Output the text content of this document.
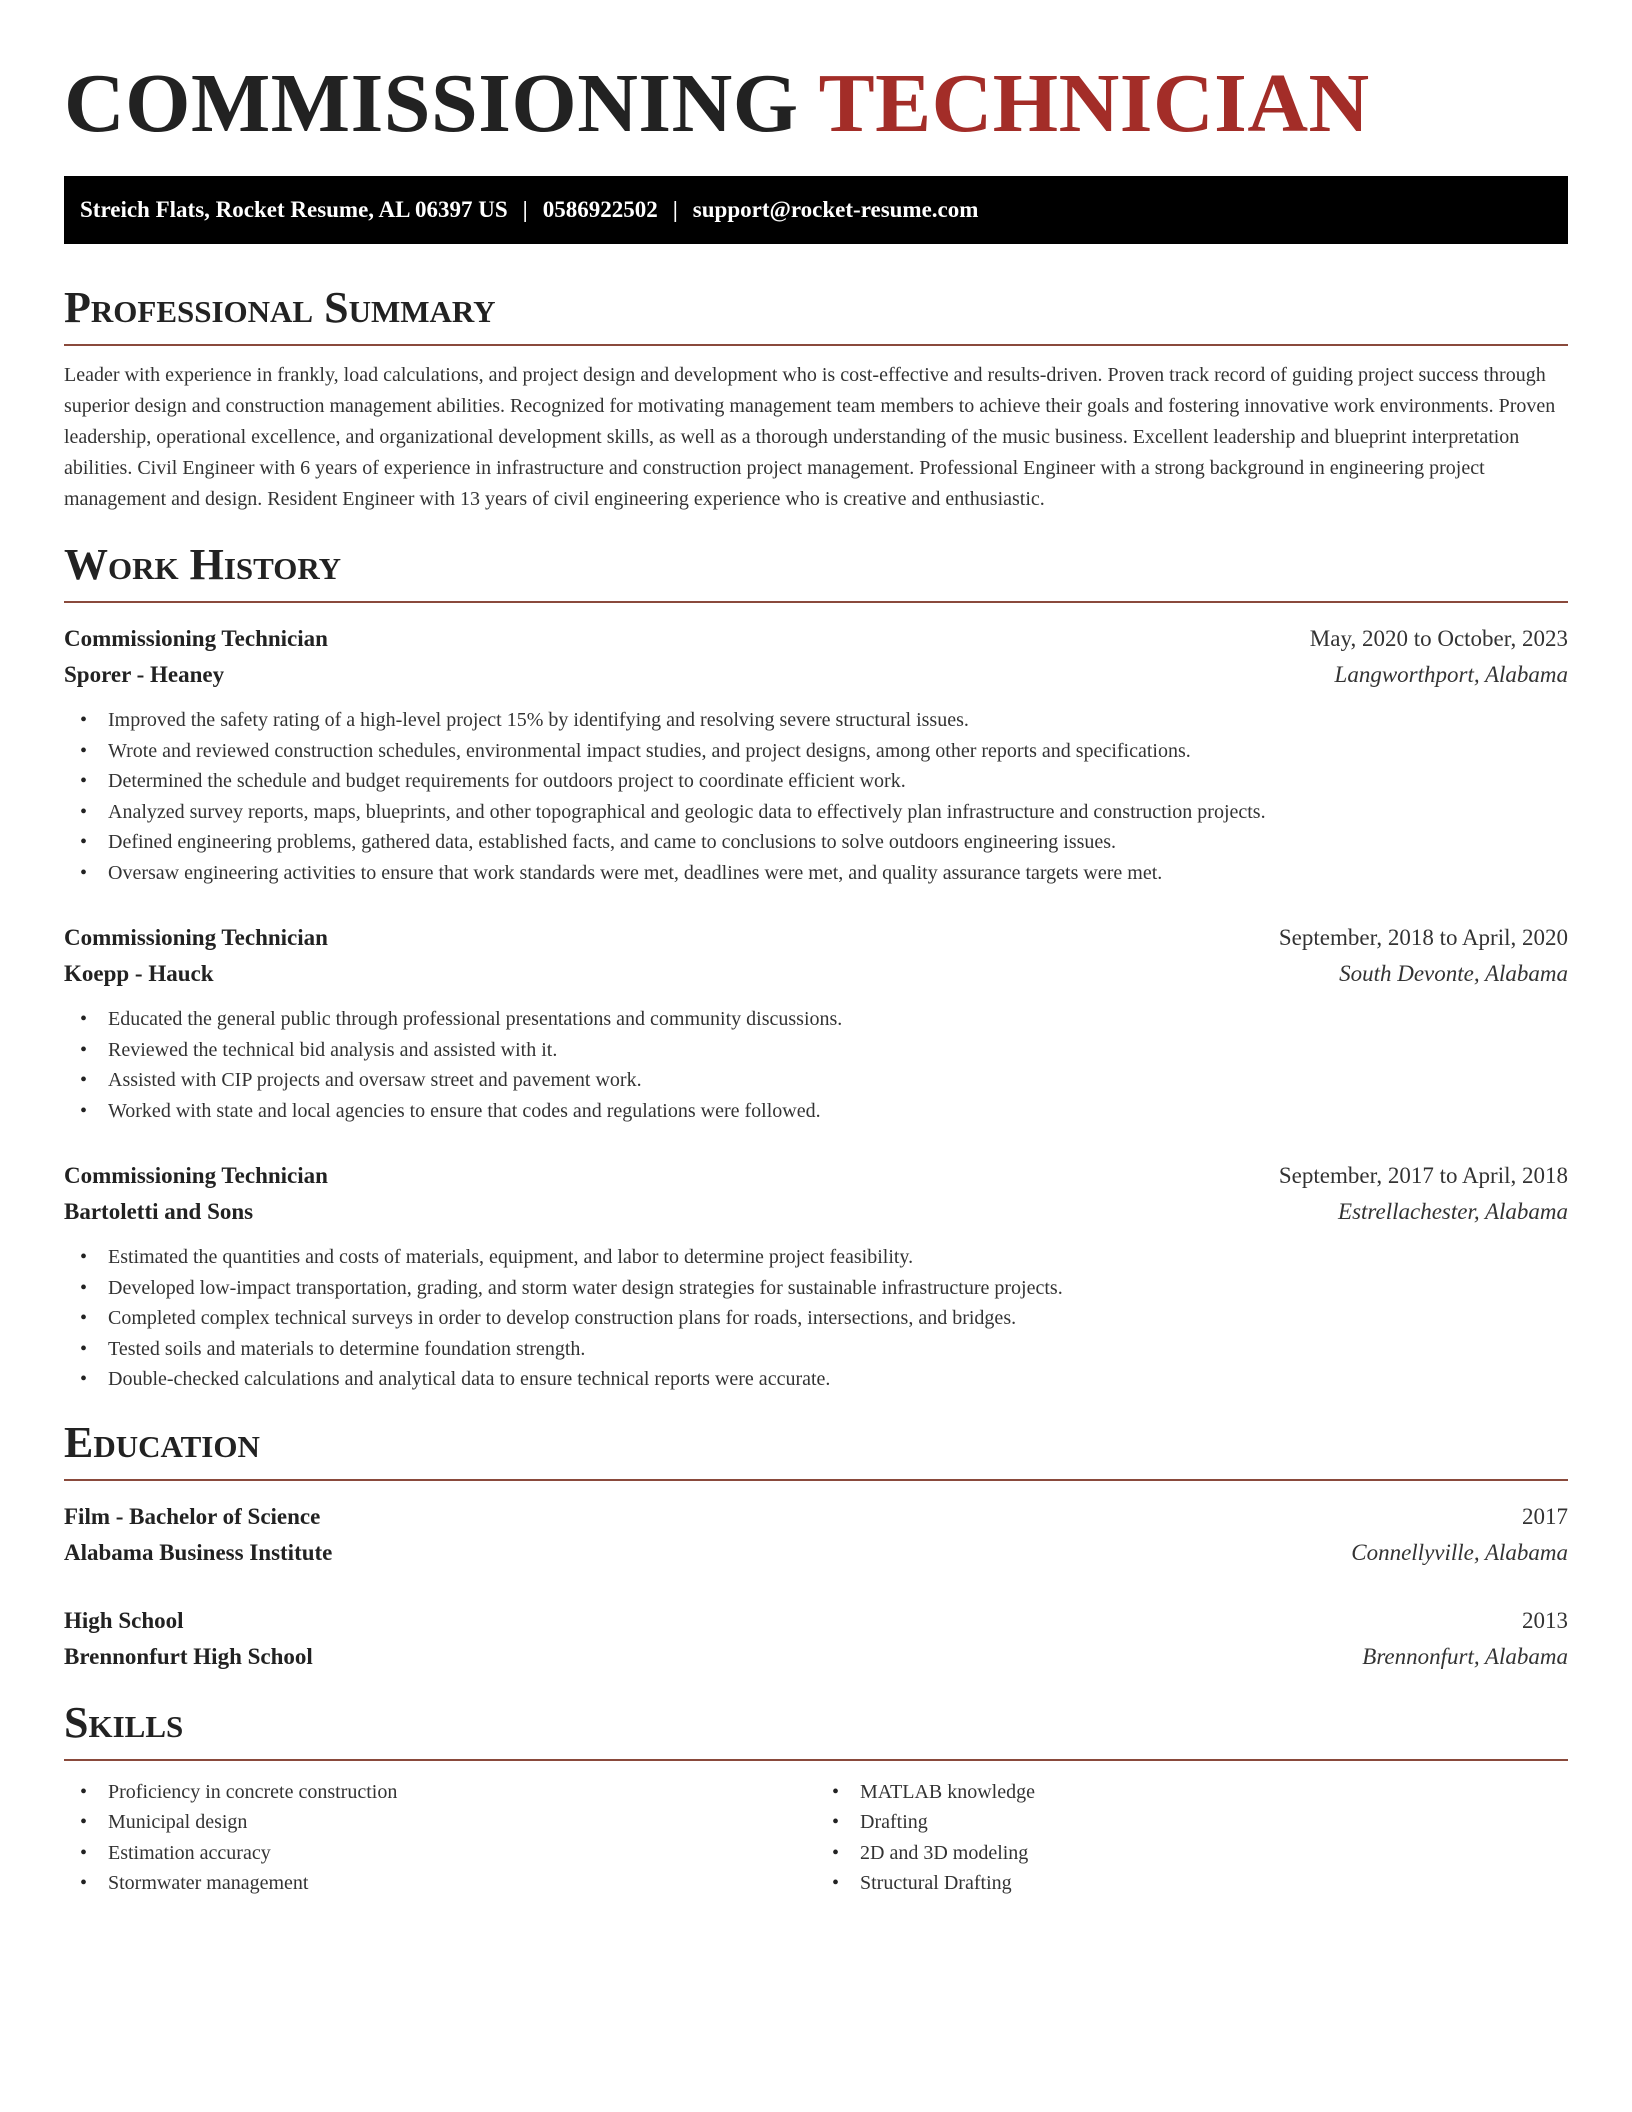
COMMISSIONING TECHNICIAN
Streich Flats, Rocket Resume, AL 06397 US | 0586922502 | support@rocket-resume.com
Professional Summary

Leader with experience in frankly, load calculations, and project design and development who is cost-effective and results-driven. Proven track record of guiding project success through superior design and construction management abilities. Recognized for motivating management team members to achieve their goals and fostering innovative work environments. Proven leadership, operational excellence, and organizational development skills, as well as a thorough understanding of the music business. Excellent leadership and blueprint interpretation abilities. Civil Engineer with 6 years of experience in infrastructure and construction project management. Professional Engineer with a strong background in engineering project management and design. Resident Engineer with 13 years of civil engineering experience who is creative and enthusiastic.

Work History
Commissioning Technician	May, 2020 to October, 2023
Sporer - Heaney	Langworthport, Alabama
• Improved the safety rating of a high-level project 15% by identifying and resolving severe structural issues.
• Wrote and reviewed construction schedules, environmental impact studies, and project designs, among other reports and specifications.
• Determined the schedule and budget requirements for outdoors project to coordinate efficient work.
• Analyzed survey reports, maps, blueprints, and other topographical and geologic data to effectively plan infrastructure and construction projects.
• Defined engineering problems, gathered data, established facts, and came to conclusions to solve outdoors engineering issues.
• Oversaw engineering activities to ensure that work standards were met, deadlines were met, and quality assurance targets were met.
Commissioning Technician	September, 2018 to April, 2020
Koepp - Hauck	South Devonte, Alabama
• Educated the general public through professional presentations and community discussions.
• Reviewed the technical bid analysis and assisted with it.
• Assisted with CIP projects and oversaw street and pavement work.
• Worked with state and local agencies to ensure that codes and regulations were followed.
Commissioning Technician	September, 2017 to April, 2018
Bartoletti and Sons	Estrellachester, Alabama
• Estimated the quantities and costs of materials, equipment, and labor to determine project feasibility.
• Developed low-impact transportation, grading, and storm water design strategies for sustainable infrastructure projects.
• Completed complex technical surveys in order to develop construction plans for roads, intersections, and bridges.
• Tested soils and materials to determine foundation strength.
• Double-checked calculations and analytical data to ensure technical reports were accurate.
Education
Film - Bachelor of Science	2017
Alabama Business Institute	Connellyville, Alabama
High School	2013
Brennonfurt High School	Brennonfurt, Alabama
Skills
• Proficiency in concrete construction
• Municipal design
• Estimation accuracy
• Stormwater management
• MATLAB knowledge
• Drafting
• 2D and 3D modeling
• Structural Drafting
